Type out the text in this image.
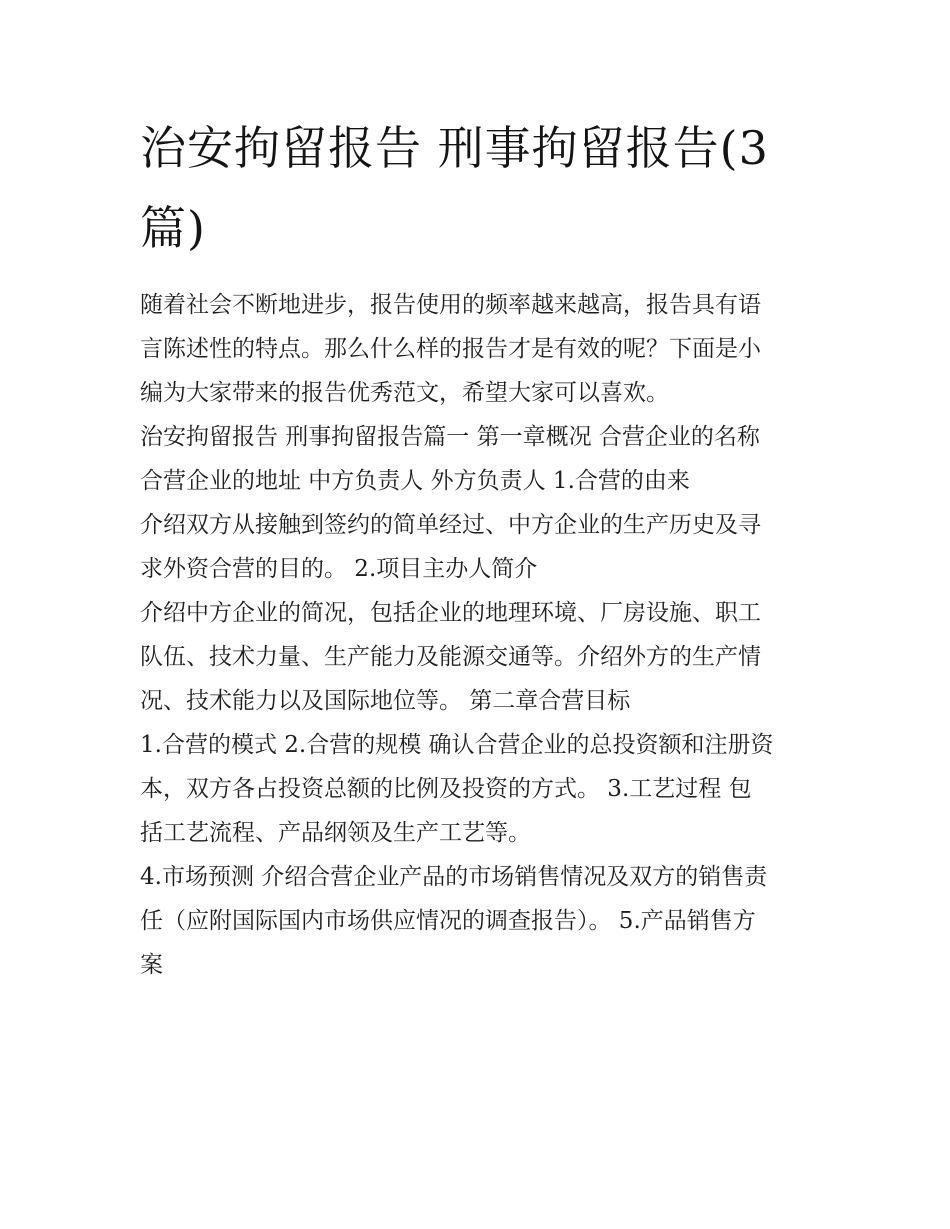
治安拘留报告 刑事拘留报告(3
篇)

随着社会不断地进步，报告使用的频率越来越高，报告具有语
言陈述性的特点。那么什么样的报告才是有效的呢？下面是小
编为大家带来的报告优秀范文，希望大家可以喜欢。

治安拘留报告 刑事拘留报告篇一 第一章概况 合营企业的名称
合营企业的地址 中方负责人 外方负责人 1.合营的由来

介绍双方从接触到签约的简单经过、中方企业的生产历史及寻
求外资合营的目的。 2.项目主办人简介

介绍中方企业的简况，包括企业的地理环境、厂房设施、职工
队伍、技术力量、生产能力及能源交通等。介绍外方的生产情
况、技术能力以及国际地位等。 第二章合营目标

1.合营的模式 2.合营的规模 确认合营企业的总投资额和注册资
本，双方各占投资总额的比例及投资的方式。 3.工艺过程 包
括工艺流程、产品纲领及生产工艺等。

4.市场预测 介绍合营企业产品的市场销售情况及双方的销售责
任（应附国际国内市场供应情况的调查报告）。 5.产品销售方
案
